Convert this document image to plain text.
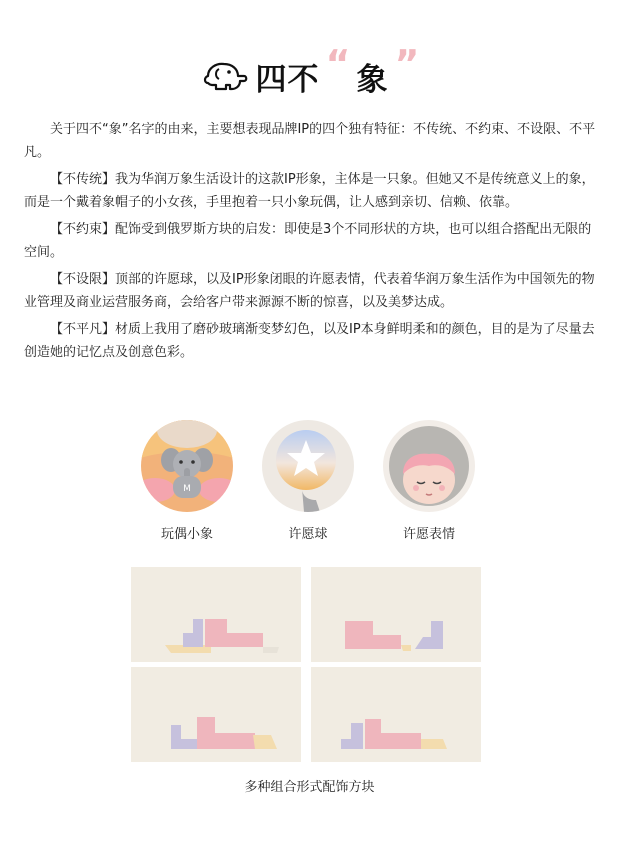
四不 “ 象 ”

关于四不“象”名字的由来，主要想表现品牌IP的四个独有特征：不传统、不约束、不设限、不平凡。

【不传统】我为华润万象生活设计的这款IP形象，主体是一只象。但她又不是传统意义上的象，而是一个戴着象帽子的小女孩，手里抱着一只小象玩偶，让人感到亲切、信赖、依靠。

【不约束】配饰受到俄罗斯方块的启发：即使是3个不同形状的方块，也可以组合搭配出无限的空间。

【不设限】顶部的许愿球，以及IP形象闭眼的许愿表情，代表着华润万象生活作为中国领先的物业管理及商业运营服务商，会给客户带来源源不断的惊喜，以及美梦达成。

【不平凡】材质上我用了磨砂玻璃渐变梦幻色，以及IP本身鲜明柔和的颜色，目的是为了尽量去创造她的记忆点及创意色彩。

M
玩偶小象	许愿球	许愿表情
多种组合形式配饰方块
